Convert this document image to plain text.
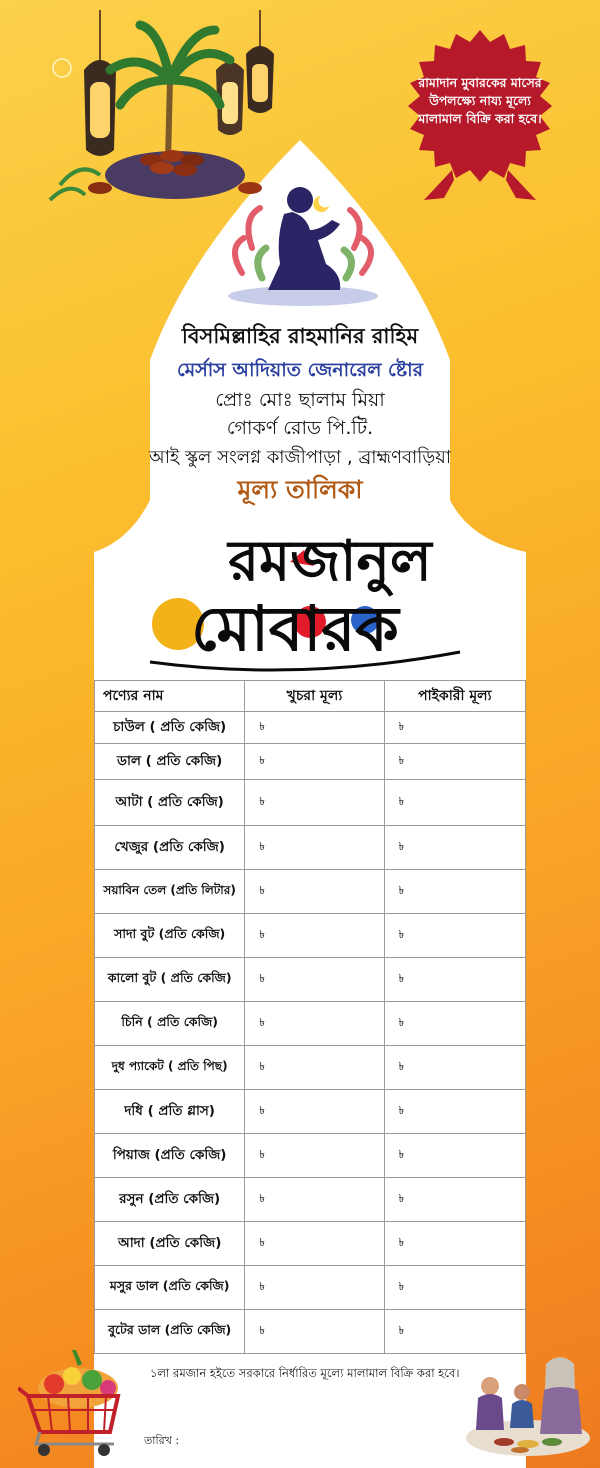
রামাদান মুবারকের মাসের উপলক্ষ্যে নায্য মূল্যে মালামাল বিক্রি করা হবে।
বিসমিল্লাহির রাহমানির রাহিম
মের্সাস আদিয়াত জেনারেল ষ্টোর
প্রোঃ মোঃ ছালাম মিয়া
গোকর্ণ রোড পি.টি.
আই স্কুল সংলগ্ন কাজীপাড়া , ব্রাহ্মণবাড়িয়া
মূল্য তালিকা
রমজানুল
মোবারক
পণ্যের নাম	খুচরা মূল্য	পাইকারী মূল্য
চাউল ( প্রতি কেজি)	৳	৳
ডাল ( প্রতি কেজি)	৳	৳
আটা ( প্রতি কেজি)	৳	৳
খেজুর (প্রতি কেজি)	৳	৳
সয়াবিন তেল (প্রতি লিটার)	৳	৳
সাদা বুট (প্রতি কেজি)	৳	৳
কালো বুট ( প্রতি কেজি)	৳	৳
চিনি ( প্রতি কেজি)	৳	৳
দুধ প্যাকেট ( প্রতি পিছ)	৳	৳
দধি ( প্রতি গ্লাস)	৳	৳
পিয়াজ (প্রতি কেজি)	৳	৳
রসুন (প্রতি কেজি)	৳	৳
আদা (প্রতি কেজি)	৳	৳
মসুর ডাল (প্রতি কেজি)	৳	৳
বুটের ডাল (প্রতি কেজি)	৳	৳
১লা রমজান হইতে সরকারে নির্ধারিত মূল্যে মালামাল বিক্রি করা হবে।
তারিখ :
